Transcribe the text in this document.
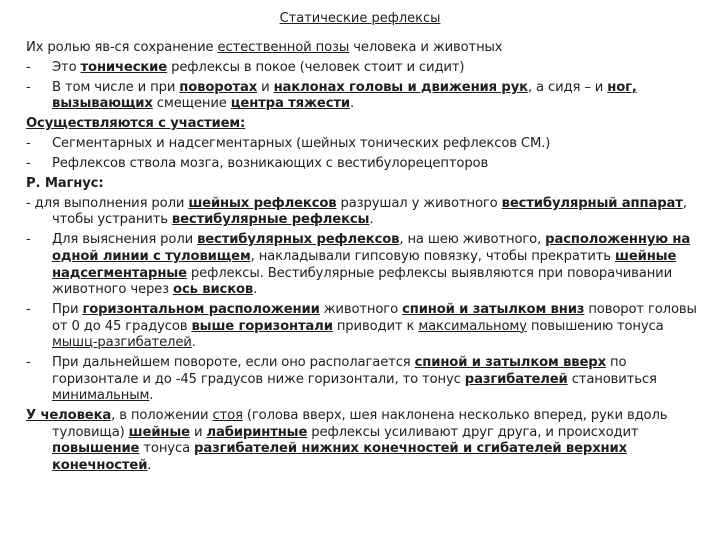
Статические рефлексы

Их ролью яв-ся сохранение естественной позы человека и животных

- Это тонические рефлексы в покое (человек стоит и сидит)

- В том числе и при поворотах и наклонах головы и движения рук, а сидя – и ног, вызывающих смещение центра тяжести.

Осуществляются с участием:

- Сегментарных и надсегментарных (шейных тонических рефлексов СМ.)

- Рефлексов ствола мозга, возникающих с вестибулорецепторов

Р. Магнус:

- для выполнения роли шейных рефлексов разрушал у животного вестибулярный аппарат, чтобы устранить вестибулярные рефлексы.

- Для выяснения роли вестибулярных рефлексов, на шею животного, расположенную на одной линии с туловищем, накладывали гипсовую повязку, чтобы прекратить шейные надсегментарные рефлексы. Вестибулярные рефлексы выявляются при поворачивании животного через ось висков.

- При горизонтальном расположении животного спиной и затылком вниз поворот головы от 0 до 45 градусов выше горизонтали приводит к максимальному повышению тонуса мышц-разгибателей.

- При дальнейшем повороте, если оно располагается спиной и затылком вверх по горизонтале и до -45 градусов ниже горизонтали, то тонус разгибателей становиться минимальным.

У человека, в положении стоя (голова вверх, шея наклонена несколько вперед, руки вдоль туловища) шейные и лабиринтные рефлексы усиливают друг друга, и происходит повышение тонуса разгибателей нижних конечностей и сгибателей верхних конечностей.
